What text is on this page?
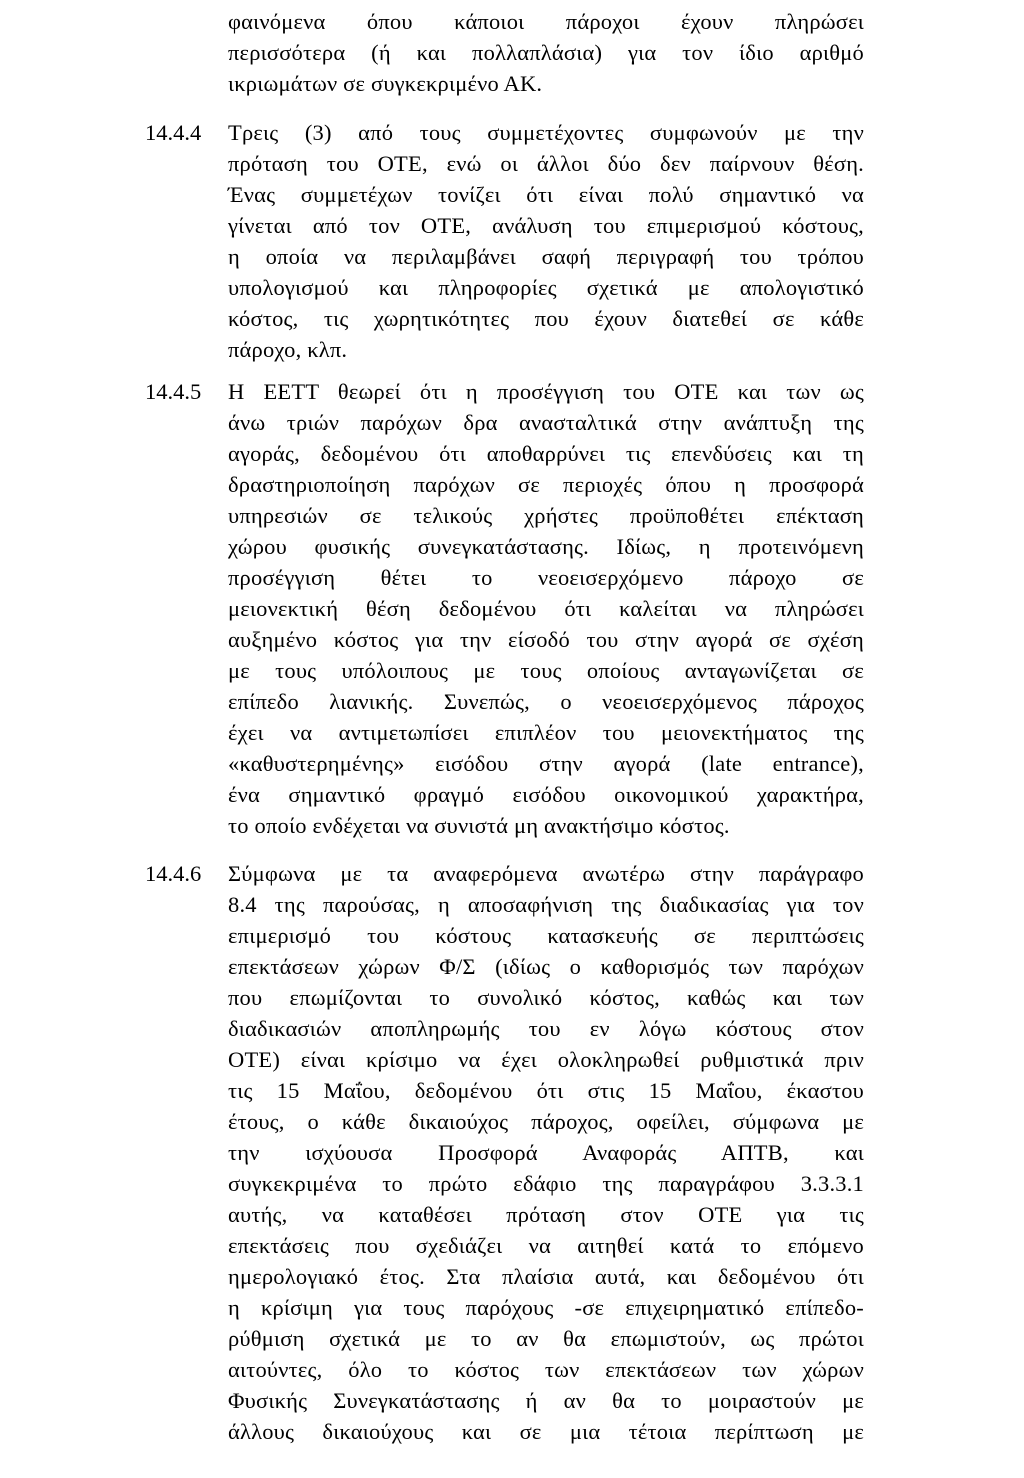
φαινόμενα όπου κάποιοι πάροχοι έχουν πληρώσει
περισσότερα (ή και πολλαπλάσια) για τον ίδιο αριθμό
ικριωμάτων σε συγκεκριμένο ΑΚ.
14.4.4 Τρεις (3) από τους συμμετέχοντες συμφωνούν με την
πρόταση του ΟΤΕ, ενώ οι άλλοι δύο δεν παίρνουν θέση.
Ένας συμμετέχων τονίζει ότι είναι πολύ σημαντικό να
γίνεται από τον ΟΤΕ, ανάλυση του επιμερισμού κόστους,
η οποία να περιλαμβάνει σαφή περιγραφή του τρόπου
υπολογισμού και πληροφορίες σχετικά με απολογιστικό
κόστος, τις χωρητικότητες που έχουν διατεθεί σε κάθε
πάροχο, κλπ.
14.4.5 Η ΕΕΤΤ θεωρεί ότι η προσέγγιση του ΟΤΕ και των ως
άνω τριών παρόχων δρα ανασταλτικά στην ανάπτυξη της
αγοράς, δεδομένου ότι αποθαρρύνει τις επενδύσεις και τη
δραστηριοποίηση παρόχων σε περιοχές όπου η προσφορά
υπηρεσιών σε τελικούς χρήστες προϋποθέτει επέκταση
χώρου φυσικής συνεγκατάστασης. Ιδίως, η προτεινόμενη
προσέγγιση θέτει το νεοεισερχόμενο πάροχο σε
μειονεκτική θέση δεδομένου ότι καλείται να πληρώσει
αυξημένο κόστος για την είσοδό του στην αγορά σε σχέση
με τους υπόλοιπους με τους οποίους ανταγωνίζεται σε
επίπεδο λιανικής. Συνεπώς, ο νεοεισερχόμενος πάροχος
έχει να αντιμετωπίσει επιπλέον του μειονεκτήματος της
«καθυστερημένης» εισόδου στην αγορά (late entrance),
ένα σημαντικό φραγμό εισόδου οικονομικού χαρακτήρα,
το οποίο ενδέχεται να συνιστά μη ανακτήσιμο κόστος.
14.4.6 Σύμφωνα με τα αναφερόμενα ανωτέρω στην παράγραφο
8.4 της παρούσας, η αποσαφήνιση της διαδικασίας για τον
επιμερισμό του κόστους κατασκευής σε περιπτώσεις
επεκτάσεων χώρων Φ/Σ (ιδίως ο καθορισμός των παρόχων
που επωμίζονται το συνολικό κόστος, καθώς και των
διαδικασιών αποπληρωμής του εν λόγω κόστους στον
ΟΤΕ) είναι κρίσιμο να έχει ολοκληρωθεί ρυθμιστικά πριν
τις 15 Μαΐου, δεδομένου ότι στις 15 Μαΐου, έκαστου
έτους, ο κάθε δικαιούχος πάροχος, οφείλει, σύμφωνα με
την ισχύουσα Προσφορά Αναφοράς ΑΠΤΒ, και
συγκεκριμένα το πρώτο εδάφιο της παραγράφου 3.3.3.1
αυτής, να καταθέσει πρόταση στον ΟΤΕ για τις
επεκτάσεις που σχεδιάζει να αιτηθεί κατά το επόμενο
ημερολογιακό έτος. Στα πλαίσια αυτά, και δεδομένου ότι
η κρίσιμη για τους παρόχους -σε επιχειρηματικό επίπεδο-
ρύθμιση σχετικά με το αν θα επωμιστούν, ως πρώτοι
αιτούντες, όλο το κόστος των επεκτάσεων των χώρων
Φυσικής Συνεγκατάστασης ή αν θα το μοιραστούν με
άλλους δικαιούχους και σε μια τέτοια περίπτωση με
